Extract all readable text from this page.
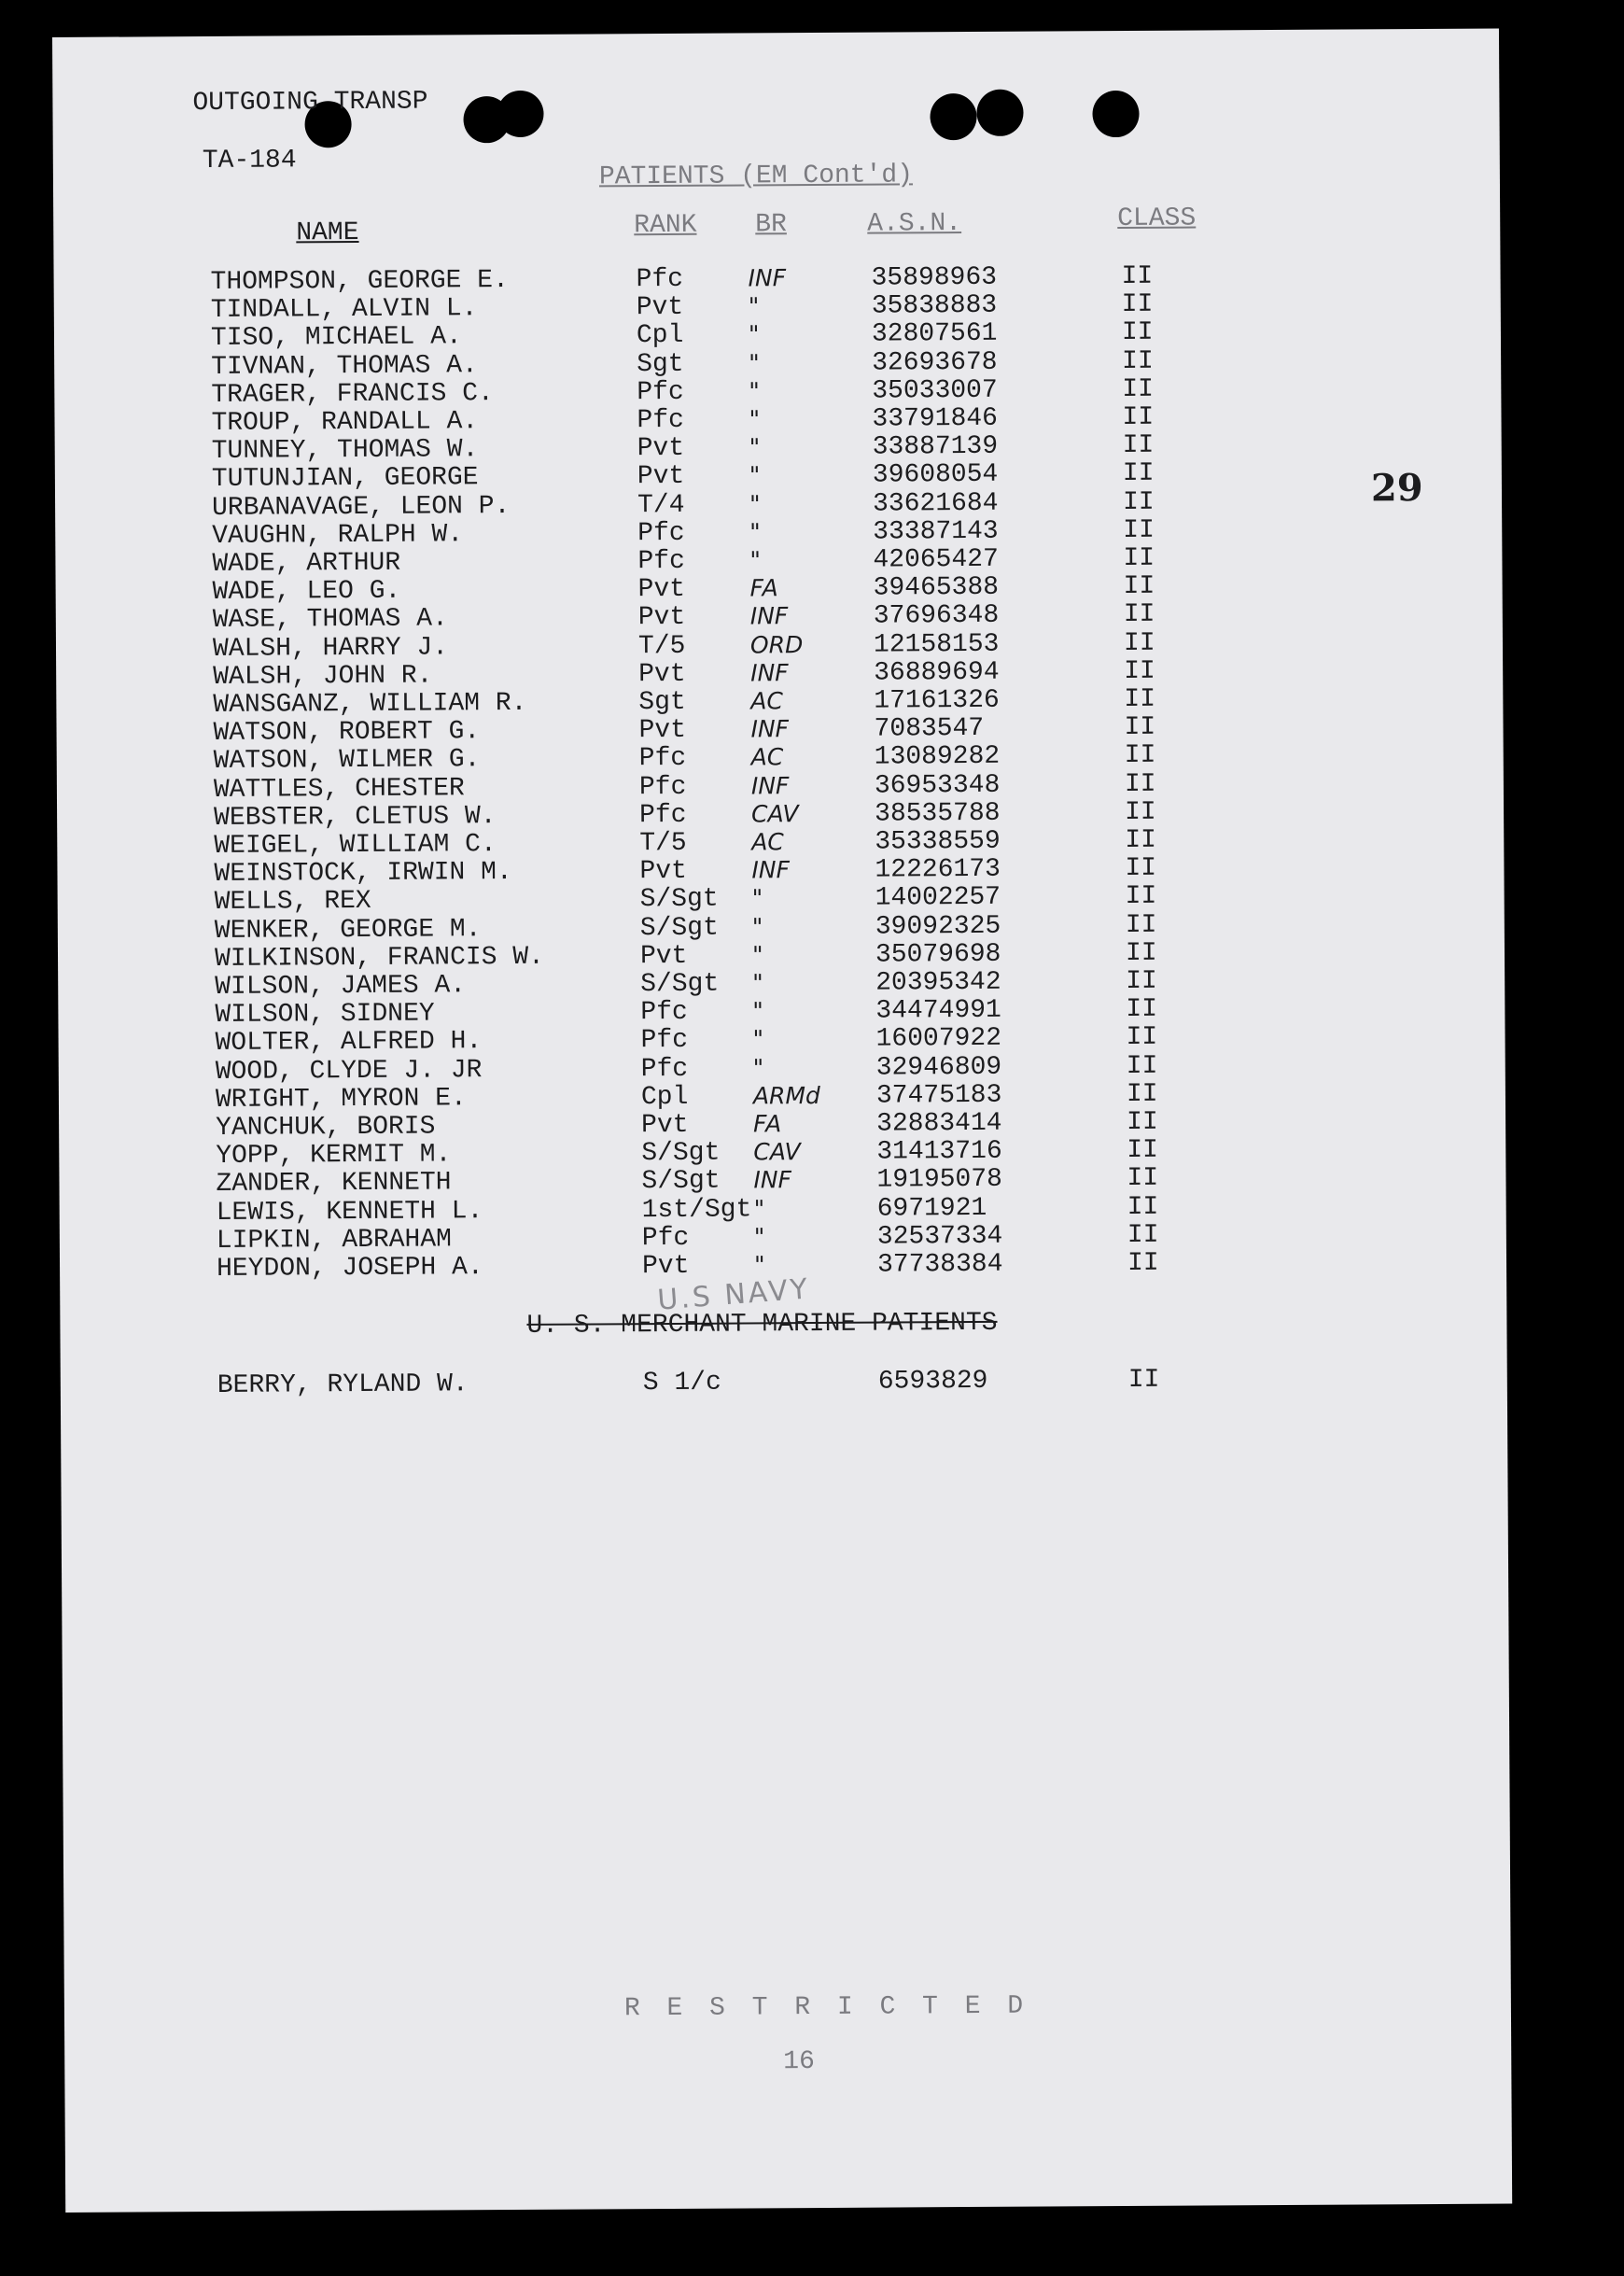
OUTGOING TRANSP
TA-184
PATIENTS (EM Cont'd)
29
NAME	RANK BR	A.S.N.	CLASS
THOMPSON, GEORGE E.	Pfc	INF	35898963	II
TINDALL, ALVIN L.	Pvt	"	35838883	II
TISO, MICHAEL A.	Cpl	"	32807561	II
TIVNAN, THOMAS A.	Sgt	"	32693678	II
TRAGER, FRANCIS C.	Pfc	"	35033007	II
TROUP, RANDALL A.	Pfc	"	33791846	II
TUNNEY, THOMAS W.	Pvt	"	33887139	II
TUTUNJIAN, GEORGE	Pvt	"	39608054	II
URBANAVAGE, LEON P.	T/4	"	33621684	II
VAUGHN, RALPH W.	Pfc	"	33387143	II
WADE, ARTHUR	Pfc	"	42065427	II
WADE, LEO G.	Pvt	FA	39465388	II
WASE, THOMAS A.	Pvt	INF	37696348	II
WALSH, HARRY J.	T/5	ORD	12158153	II
WALSH, JOHN R.	Pvt	INF	36889694	II
WANSGANZ, WILLIAM R.	Sgt	AC	17161326	II
WATSON, ROBERT G.	Pvt	INF	7083547	II
WATSON, WILMER G.	Pfc	AC	13089282	II
WATTLES, CHESTER	Pfc	INF	36953348	II
WEBSTER, CLETUS W.	Pfc	CAV	38535788	II
WEIGEL, WILLIAM C.	T/5	AC	35338559	II
WEINSTOCK, IRWIN M.	Pvt	INF	12226173	II
WELLS, REX	S/Sgt "	14002257	II
WENKER, GEORGE M.	S/Sgt "	39092325	II
WILKINSON, FRANCIS W.	Pvt	"	35079698	II
WILSON, JAMES A.	S/Sgt "	20395342	II
WILSON, SIDNEY	Pfc	"	34474991	II
WOLTER, ALFRED H.	Pfc	"	16007922	II
WOOD, CLYDE J. JR	Pfc	"	32946809	II
WRIGHT, MYRON E.	Cpl	ARMd 37475183	II
YANCHUK, BORIS	Pvt	FA	32883414	II
YOPP, KERMIT M.	S/Sgt CAV	31413716	II
ZANDER, KENNETH	S/Sgt INF	19195078	II
LEWIS, KENNETH L.	1st/Sgt "	6971921	II
LIPKIN, ABRAHAM	Pfc	"	32537334	II
HEYDON, JOSEPH A.	Pvt	"	37738384	II
U.S NAVY
U. S. MERCHANT MARINE PATIENTS
BERRY, RYLAND W.	S 1/c	6593829	II
R E S T R I C T E D
16
